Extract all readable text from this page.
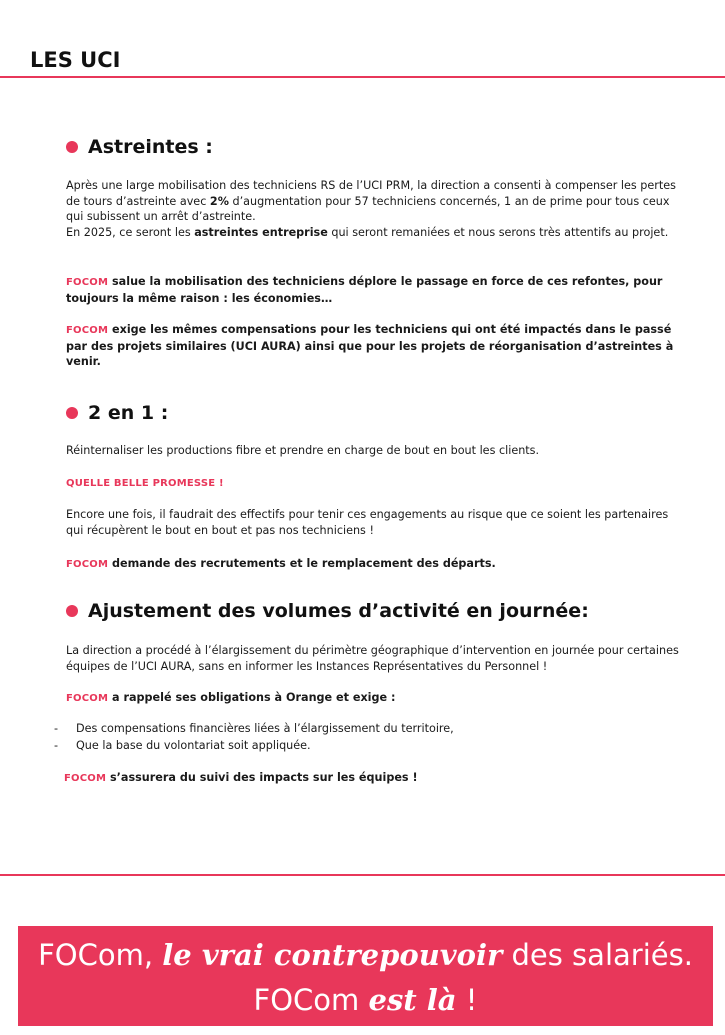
LES UCI
Astreintes :
Après une large mobilisation des techniciens RS de l’UCI PRM, la direction a consenti à compenser les pertes de tours d’astreinte avec 2% d’augmentation pour 57 techniciens concernés, 1 an de prime pour tous ceux qui subissent un arrêt d’astreinte.
En 2025, ce seront les astreintes entreprise qui seront remaniées et nous serons très attentifs au projet.
FOCOM salue la mobilisation des techniciens déplore le passage en force de ces refontes, pour toujours la même raison : les économies…
FOCOM exige les mêmes compensations pour les techniciens qui ont été impactés dans le passé par des projets similaires (UCI AURA) ainsi que pour les projets de réorganisation d’astreintes à venir.
2 en 1 :
Réinternaliser les productions fibre et prendre en charge de bout en bout les clients.
QUELLE BELLE PROMESSE !
Encore une fois, il faudrait des effectifs pour tenir ces engagements au risque que ce soient les partenaires qui récupèrent le bout en bout et pas nos techniciens !
FOCOM demande des recrutements et le remplacement des départs.
Ajustement des volumes d’activité en journée:
La direction a procédé à l’élargissement du périmètre géographique d’intervention en journée pour certaines équipes de l’UCI AURA, sans en informer les Instances Représentatives du Personnel !
FOCOM a rappelé ses obligations à Orange et exige :
-	Des compensations financières liées à l’élargissement du territoire,
-	Que la base du volontariat soit appliquée.
FOCOM s’assurera du suivi des impacts sur les équipes !
FOCom, le vrai contrepouvoir des salariés.
FOCom est là !
